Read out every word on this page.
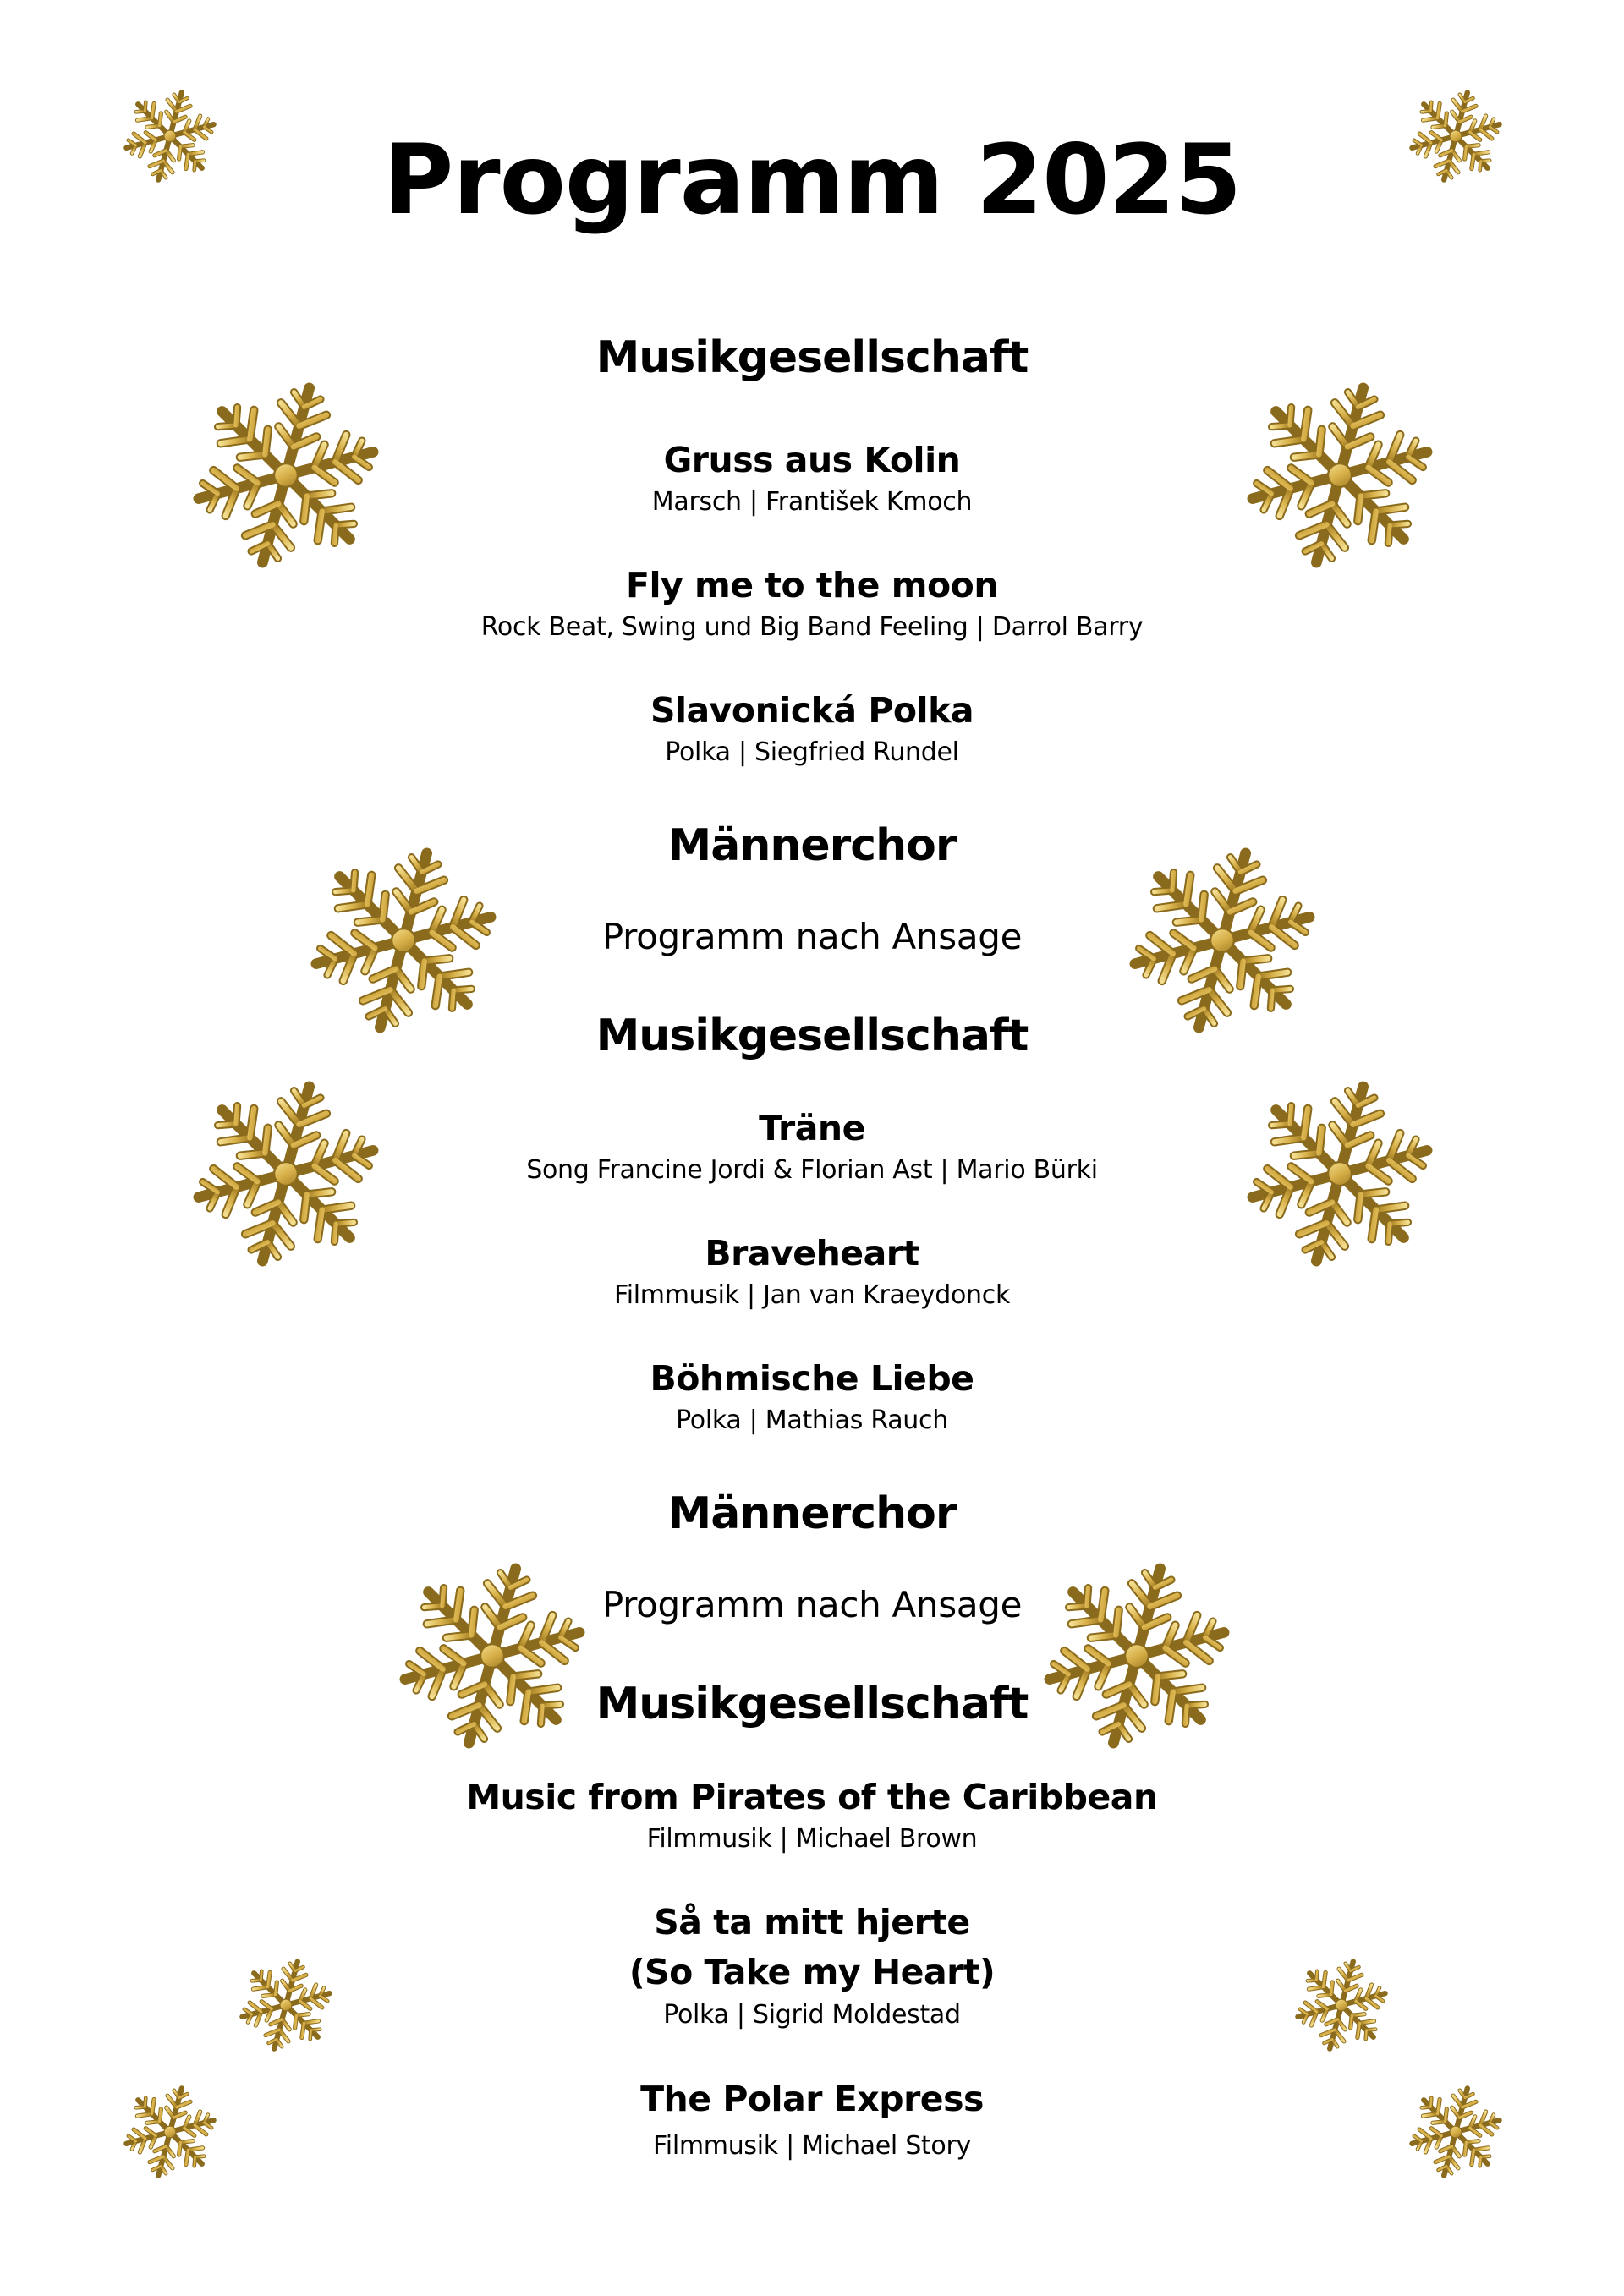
Programm 2025
Musikgesellschaft
Gruss aus Kolin
Marsch | František Kmoch
Fly me to the moon
Rock Beat, Swing und Big Band Feeling | Darrol Barry
Slavonická Polka
Polka | Siegfried Rundel
Männerchor
Programm nach Ansage
Musikgesellschaft
Träne
Song Francine Jordi & Florian Ast | Mario Bürki
Braveheart
Filmmusik | Jan van Kraeydonck
Böhmische Liebe
Polka | Mathias Rauch
Männerchor
Programm nach Ansage
Musikgesellschaft
Music from Pirates of the Caribbean
Filmmusik | Michael Brown
Så ta mitt hjerte
(So Take my Heart)
Polka | Sigrid Moldestad
The Polar Express
Filmmusik | Michael Story
